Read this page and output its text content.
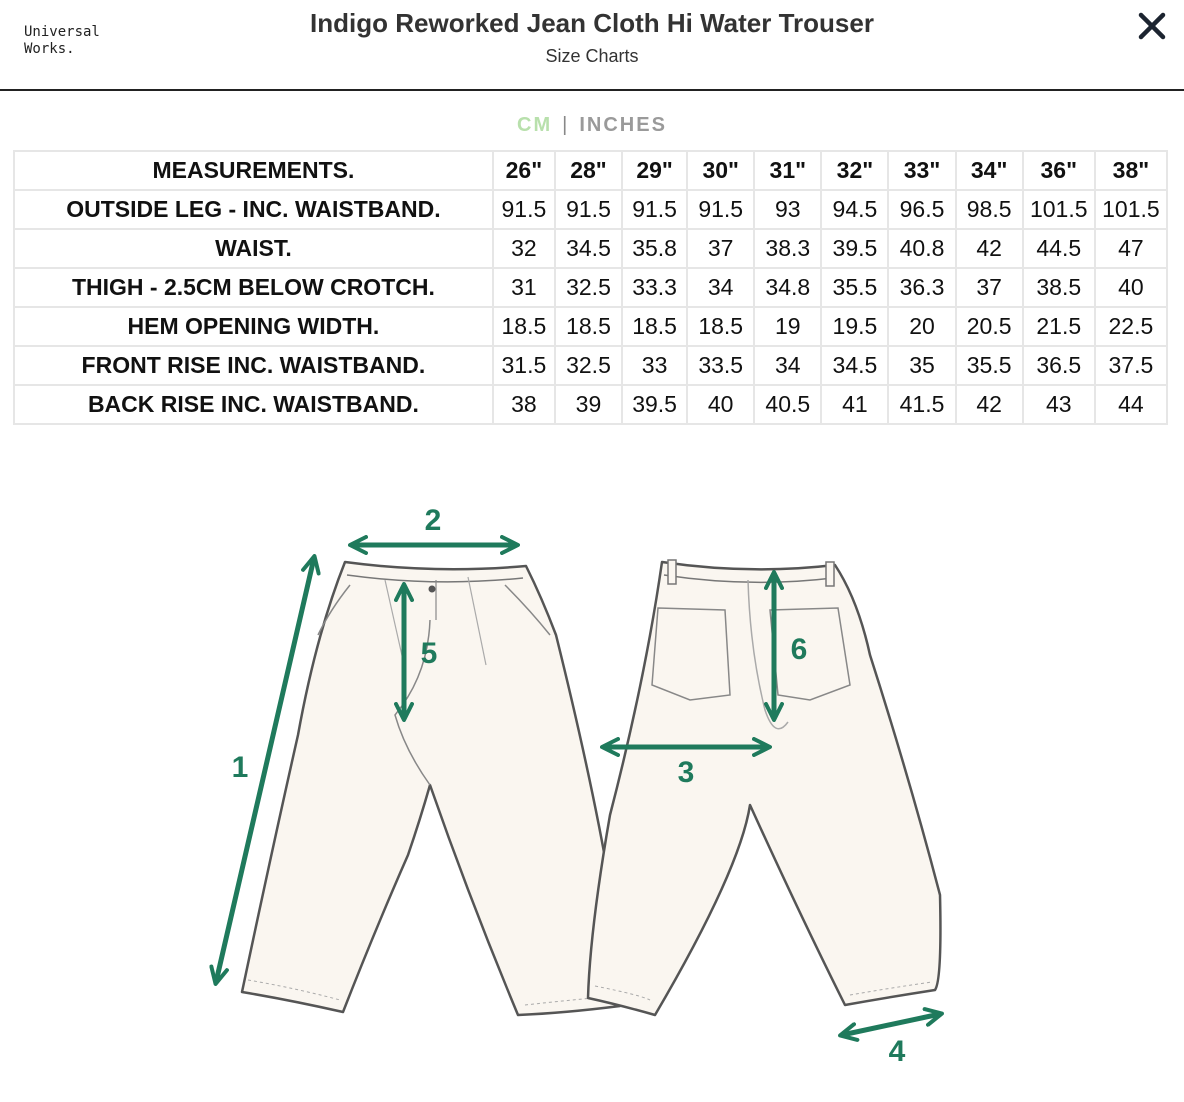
Universal
Works.
Indigo Reworked Jean Cloth Hi Water Trouser
Size Charts
CM | INCHES
MEASUREMENTS.	26"	28"	29"	30"	31"	32"	33"	34"	36"	38"
OUTSIDE LEG - INC. WAISTBAND.	91.5	91.5	91.5	91.5	93	94.5	96.5	98.5	101.5	101.5
WAIST.	32	34.5	35.8	37	38.3	39.5	40.8	42	44.5	47
THIGH - 2.5CM BELOW CROTCH.	31	32.5	33.3	34	34.8	35.5	36.3	37	38.5	40
HEM OPENING WIDTH.	18.5	18.5	18.5	18.5	19	19.5	20	20.5	21.5	22.5
FRONT RISE INC. WAISTBAND.	31.5	32.5	33	33.5	34	34.5	35	35.5	36.5	37.5
BACK RISE INC. WAISTBAND.	38	39	39.5	40	40.5	41	41.5	42	43	44
1
2
3
4
5	6
